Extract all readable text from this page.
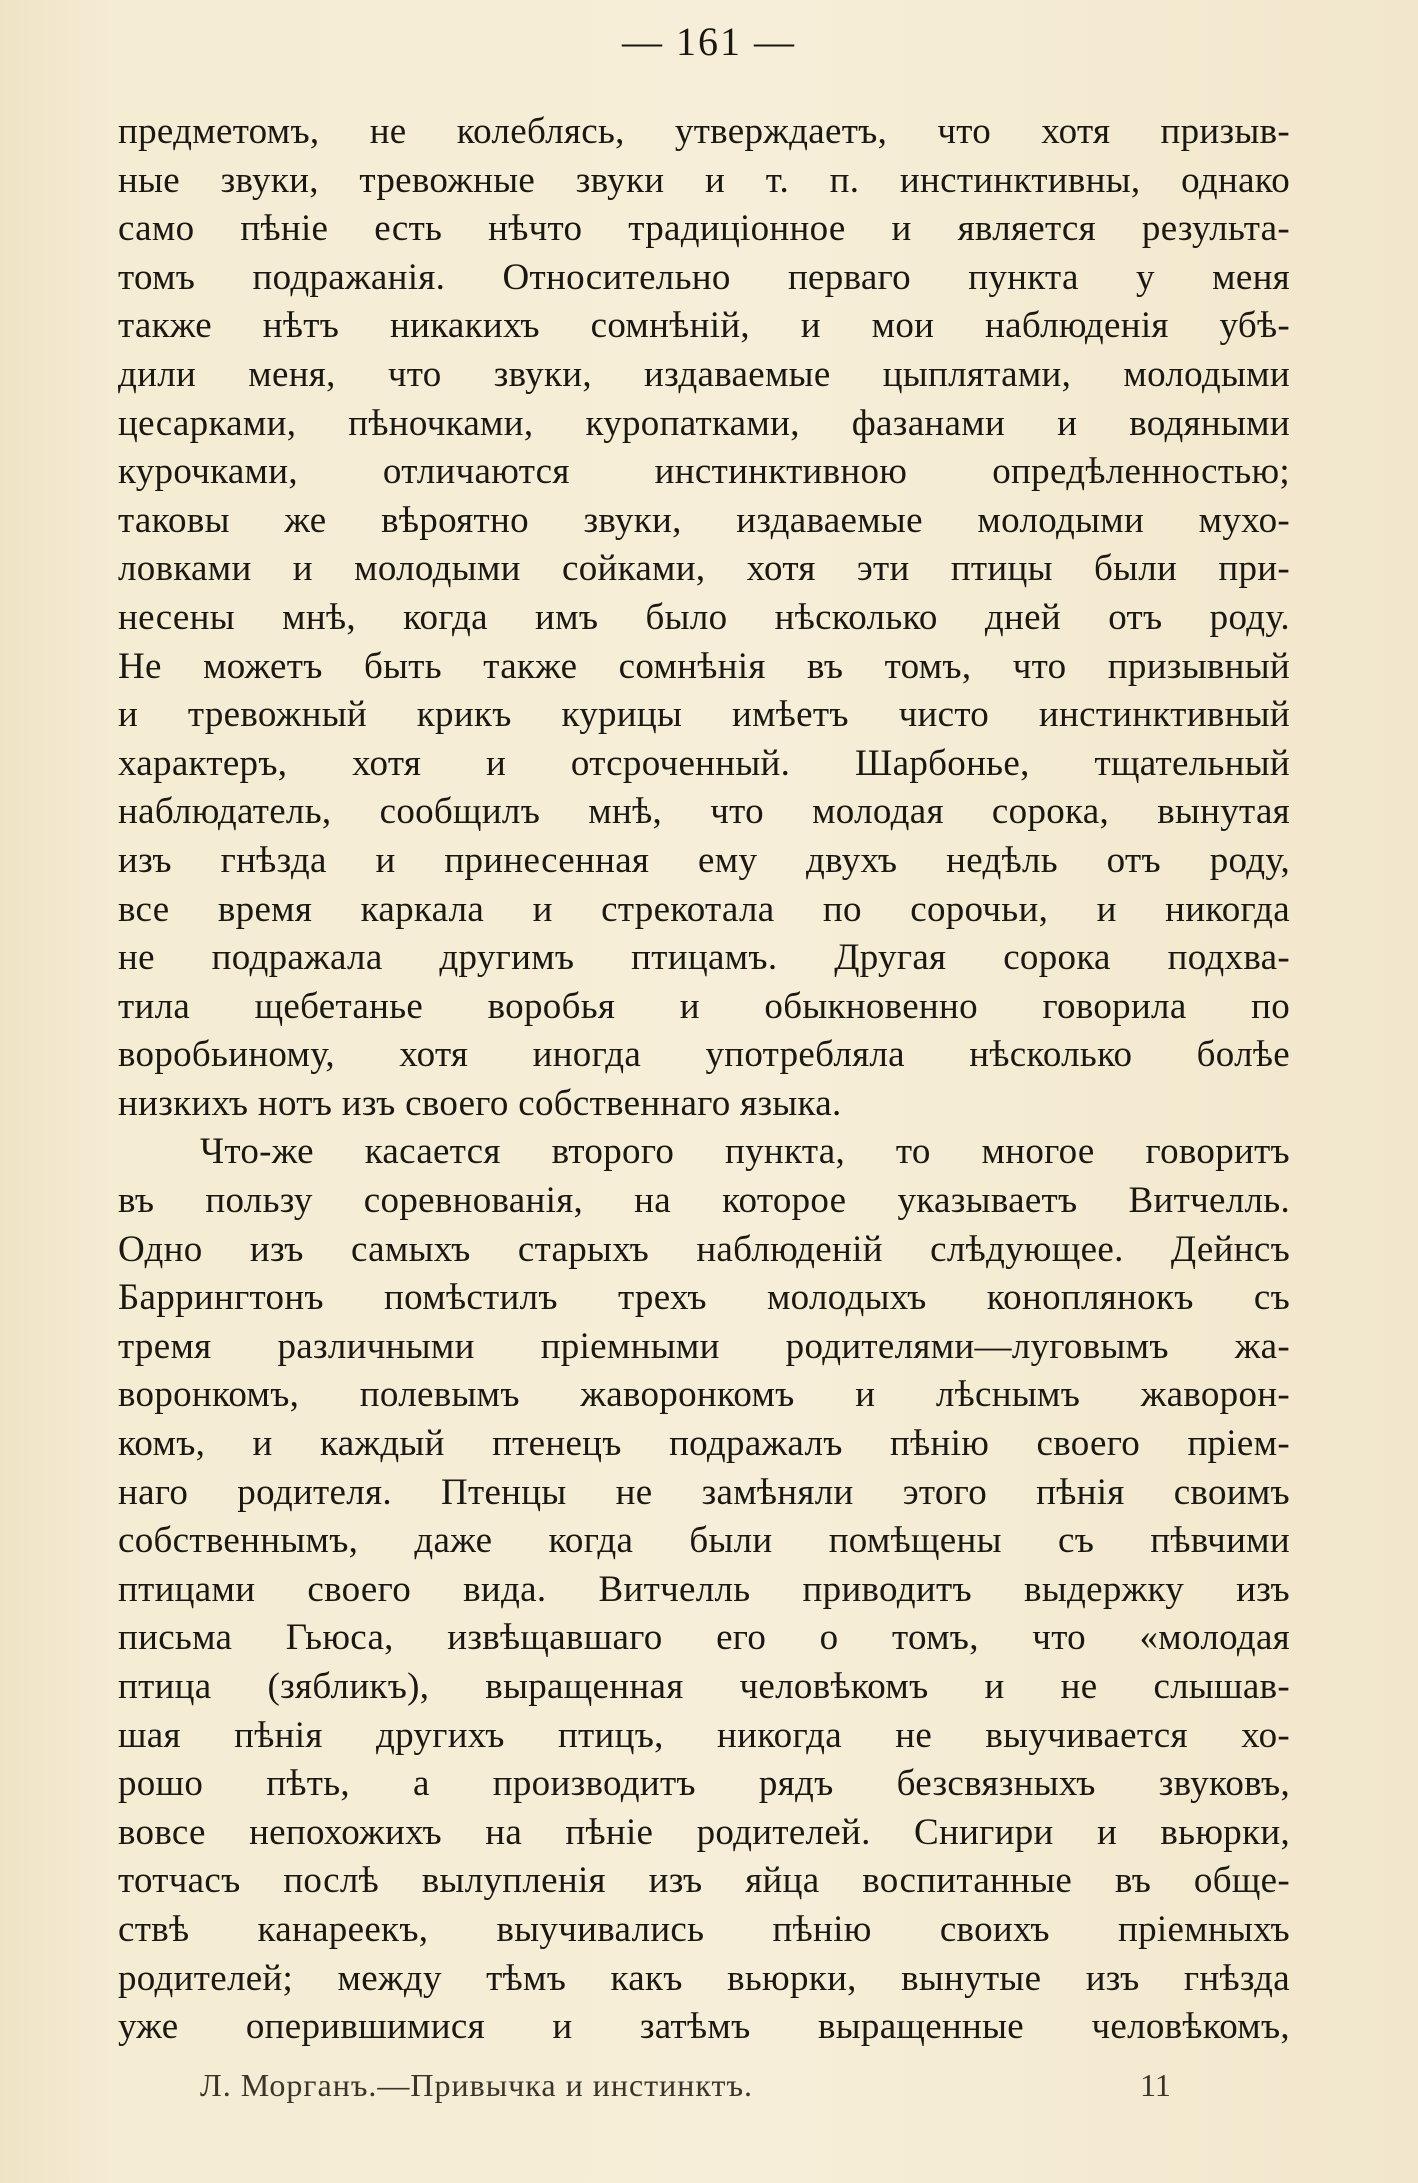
— 161 —
предметомъ, не колеблясь, утверждаетъ, что хотя призыв-
ные звуки, тревожные звуки и т. п. инстинктивны, однако
само пѣніе есть нѣчто традиціонное и является результа-
томъ подражанія. Относительно перваго пункта у меня
также нѣтъ никакихъ сомнѣній, и мои наблюденія убѣ-
дили меня, что звуки, издаваемые цыплятами, молодыми
цесарками, пѣночками, куропатками, фазанами и водяными
курочками, отличаются инстинктивною опредѣленностью;
таковы же вѣроятно звуки, издаваемые молодыми мухо-
ловками и молодыми сойками, хотя эти птицы были при-
несены мнѣ, когда имъ было нѣсколько дней отъ роду.
Не можетъ быть также сомнѣнія въ томъ, что призывный
и тревожный крикъ курицы имѣетъ чисто инстинктивный
характеръ, хотя и отсроченный. Шарбонье, тщательный
наблюдатель, сообщилъ мнѣ, что молодая сорока, вынутая
изъ гнѣзда и принесенная ему двухъ недѣль отъ роду,
все время каркала и стрекотала по сорочьи, и никогда
не подражала другимъ птицамъ. Другая сорока подхва-
тила щебетанье воробья и обыкновенно говорила по
воробьиному, хотя иногда употребляла нѣсколько болѣе
низкихъ нотъ изъ своего собственнаго языка.
Что-же касается второго пункта, то многое говоритъ
въ пользу соревнованія, на которое указываетъ Витчелль.
Одно изъ самыхъ старыхъ наблюденій слѣдующее. Дейнсъ
Баррингтонъ помѣстилъ трехъ молодыхъ коноплянокъ съ
тремя различными пріемными родителями—луговымъ жа-
воронкомъ, полевымъ жаворонкомъ и лѣснымъ жаворон-
комъ, и каждый птенецъ подражалъ пѣнію своего пріем-
наго родителя. Птенцы не замѣняли этого пѣнія своимъ
собственнымъ, даже когда были помѣщены съ пѣвчими
птицами своего вида. Витчелль приводитъ выдержку изъ
письма Гьюса, извѣщавшаго его о томъ, что «молодая
птица (зябликъ), выращенная человѣкомъ и не слышав-
шая пѣнія другихъ птицъ, никогда не выучивается хо-
рошо пѣть, а производитъ рядъ безсвязныхъ звуковъ,
вовсе непохожихъ на пѣніе родителей. Снигири и вьюрки,
тотчасъ послѣ вылупленія изъ яйца воспитанные въ обще-
ствѣ канареекъ, выучивались пѣнію своихъ пріемныхъ
родителей; между тѣмъ какъ вьюрки, вынутые изъ гнѣзда
уже оперившимися и затѣмъ выращенные человѣкомъ,
Л. Морганъ.—Привычка и инстинктъ.	11
